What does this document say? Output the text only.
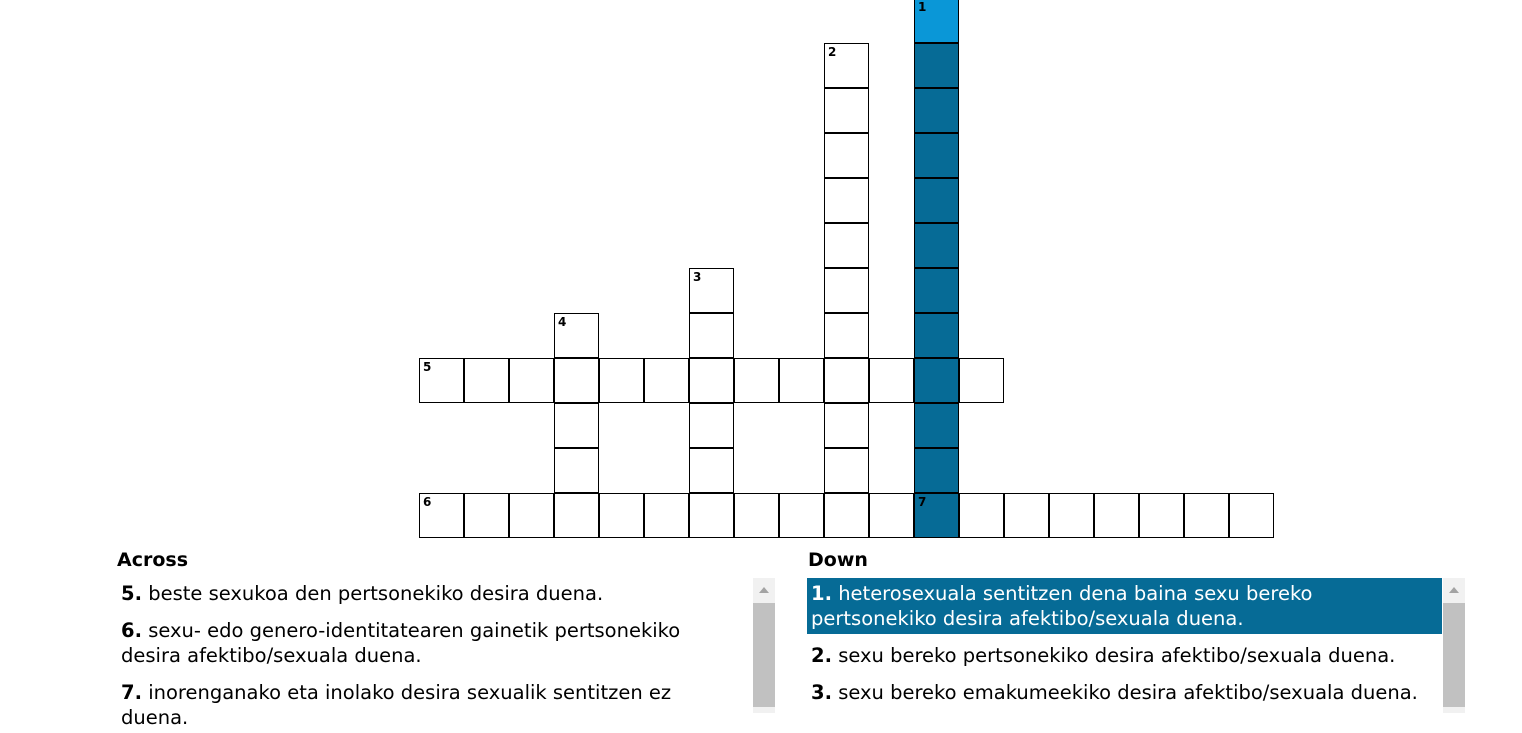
1
7
2
3
4
5
6
Across
5. beste sexukoa den pertsonekiko desira duena.
6. sexu- edo genero-identitatearen gainetik pertsonekiko desira afektibo/sexuala duena.
7. inorenganako eta inolako desira sexualik sentitzen ez duena.
Down
1. heterosexuala sentitzen dena baina sexu bereko pertsonekiko desira afektibo/sexuala duena.
2. sexu bereko pertsonekiko desira afektibo/sexuala duena.
3. sexu bereko emakumeekiko desira afektibo/sexuala duena.
